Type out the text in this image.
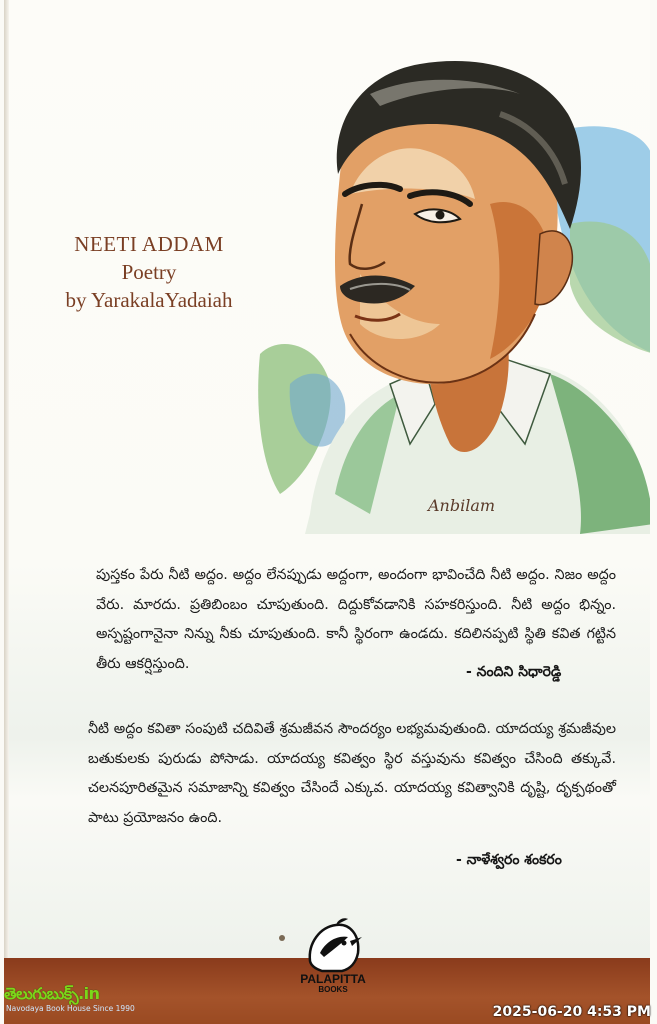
NEETI ADDAM
Poetry
by YarakalaYadaiah
Anbilam
పుస్తకం పేరు నీటి అద్దం. అద్దం లేనప్పుడు అద్దంగా, అందంగా భావించేది నీటి అద్దం. నిజం అద్దం వేరు. మారదు. ప్రతిబింబం చూపుతుంది. దిద్దుకోవడానికి సహకరిస్తుంది. నీటి అద్దం భిన్నం. అస్పష్టంగానైనా నిన్ను నీకు చూపుతుంది. కానీ స్థిరంగా ఉండదు. కదిలినప్పటి స్థితి కవిత గట్టిన తీరు ఆకర్షిస్తుంది.
- నందిని సిధారెడ్డి
నీటి అద్దం కవితా సంపుటి చదివితే శ్రమజీవన సౌందర్యం లభ్యమవుతుంది. యాదయ్య శ్రమజీవుల బతుకులకు పురుడు పోసాడు. యాదయ్య కవిత్వం స్థిర వస్తువును కవిత్వం చేసింది తక్కువే. చలనపూరితమైన సమాజాన్ని కవిత్వం చేసిందే ఎక్కువ. యాదయ్య కవిత్వానికి దృష్టి, దృక్పథంతో పాటు ప్రయోజనం ఉంది.
- నాళేశ్వరం శంకరం
PALAPITTA
BOOKS
తెలుగుబుక్స్.in
Navodaya Book House Since 1990	2025-06-20 4:53 PM
